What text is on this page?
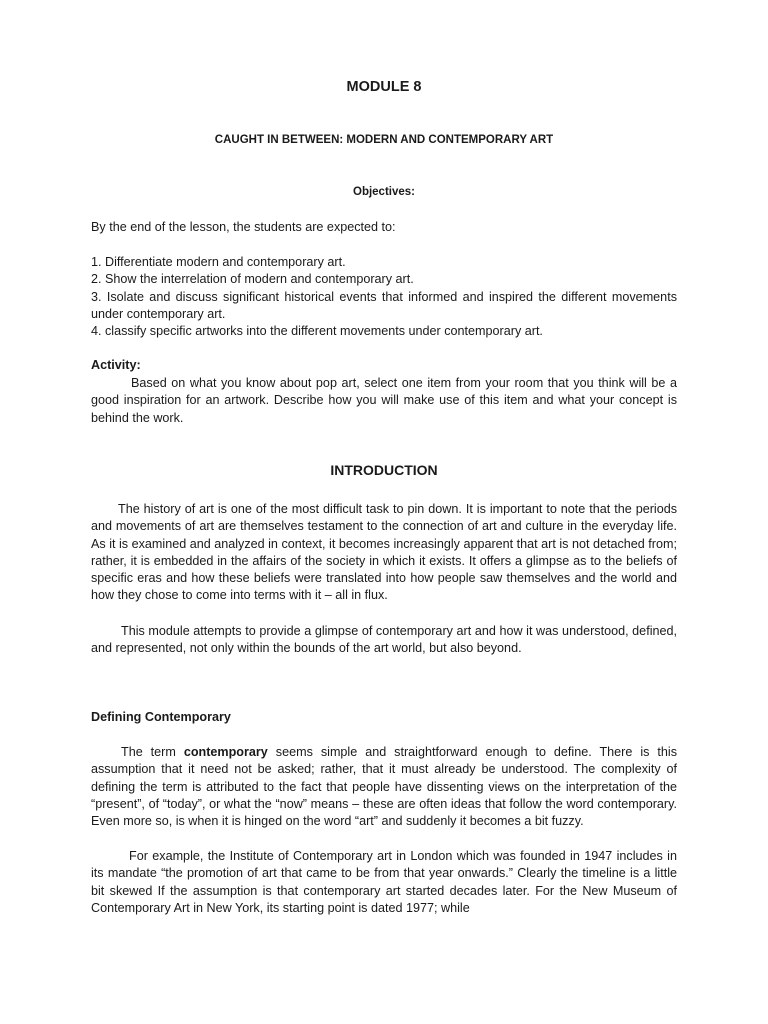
MODULE 8
CAUGHT IN BETWEEN: MODERN AND CONTEMPORARY ART
Objectives:
By the end of the lesson, the students are expected to:
1. Differentiate modern and contemporary art.
2. Show the interrelation of modern and contemporary art.
3. Isolate and discuss significant historical events that informed and inspired the different movements under contemporary art.
4. classify specific artworks into the different movements under contemporary art.
Activity:
Based on what you know about pop art, select one item from your room that you think will be a good inspiration for an artwork. Describe how you will make use of this item and what your concept is behind the work.
INTRODUCTION
The history of art is one of the most difficult task to pin down. It is important to note that the periods and movements of art are themselves testament to the connection of art and culture in the everyday life. As it is examined and analyzed in context, it becomes increasingly apparent that art is not detached from; rather, it is embedded in the affairs of the society in which it exists. It offers a glimpse as to the beliefs of specific eras and how these beliefs were translated into how people saw themselves and the world and how they chose to come into terms with it – all in flux.
This module attempts to provide a glimpse of contemporary art and how it was understood, defined, and represented, not only within the bounds of the art world, but also beyond.
Defining Contemporary
The term contemporary seems simple and straightforward enough to define. There is this assumption that it need not be asked; rather, that it must already be understood. The complexity of defining the term is attributed to the fact that people have dissenting views on the interpretation of the “present”, of “today”, or what the “now” means – these are often ideas that follow the word contemporary. Even more so, is when it is hinged on the word “art” and suddenly it becomes a bit fuzzy.
For example, the Institute of Contemporary art in London which was founded in 1947 includes in its mandate “the promotion of art that came to be from that year onwards.” Clearly the timeline is a little bit skewed If the assumption is that contemporary art started decades later. For the New Museum of Contemporary Art in New York, its starting point is dated 1977; while
